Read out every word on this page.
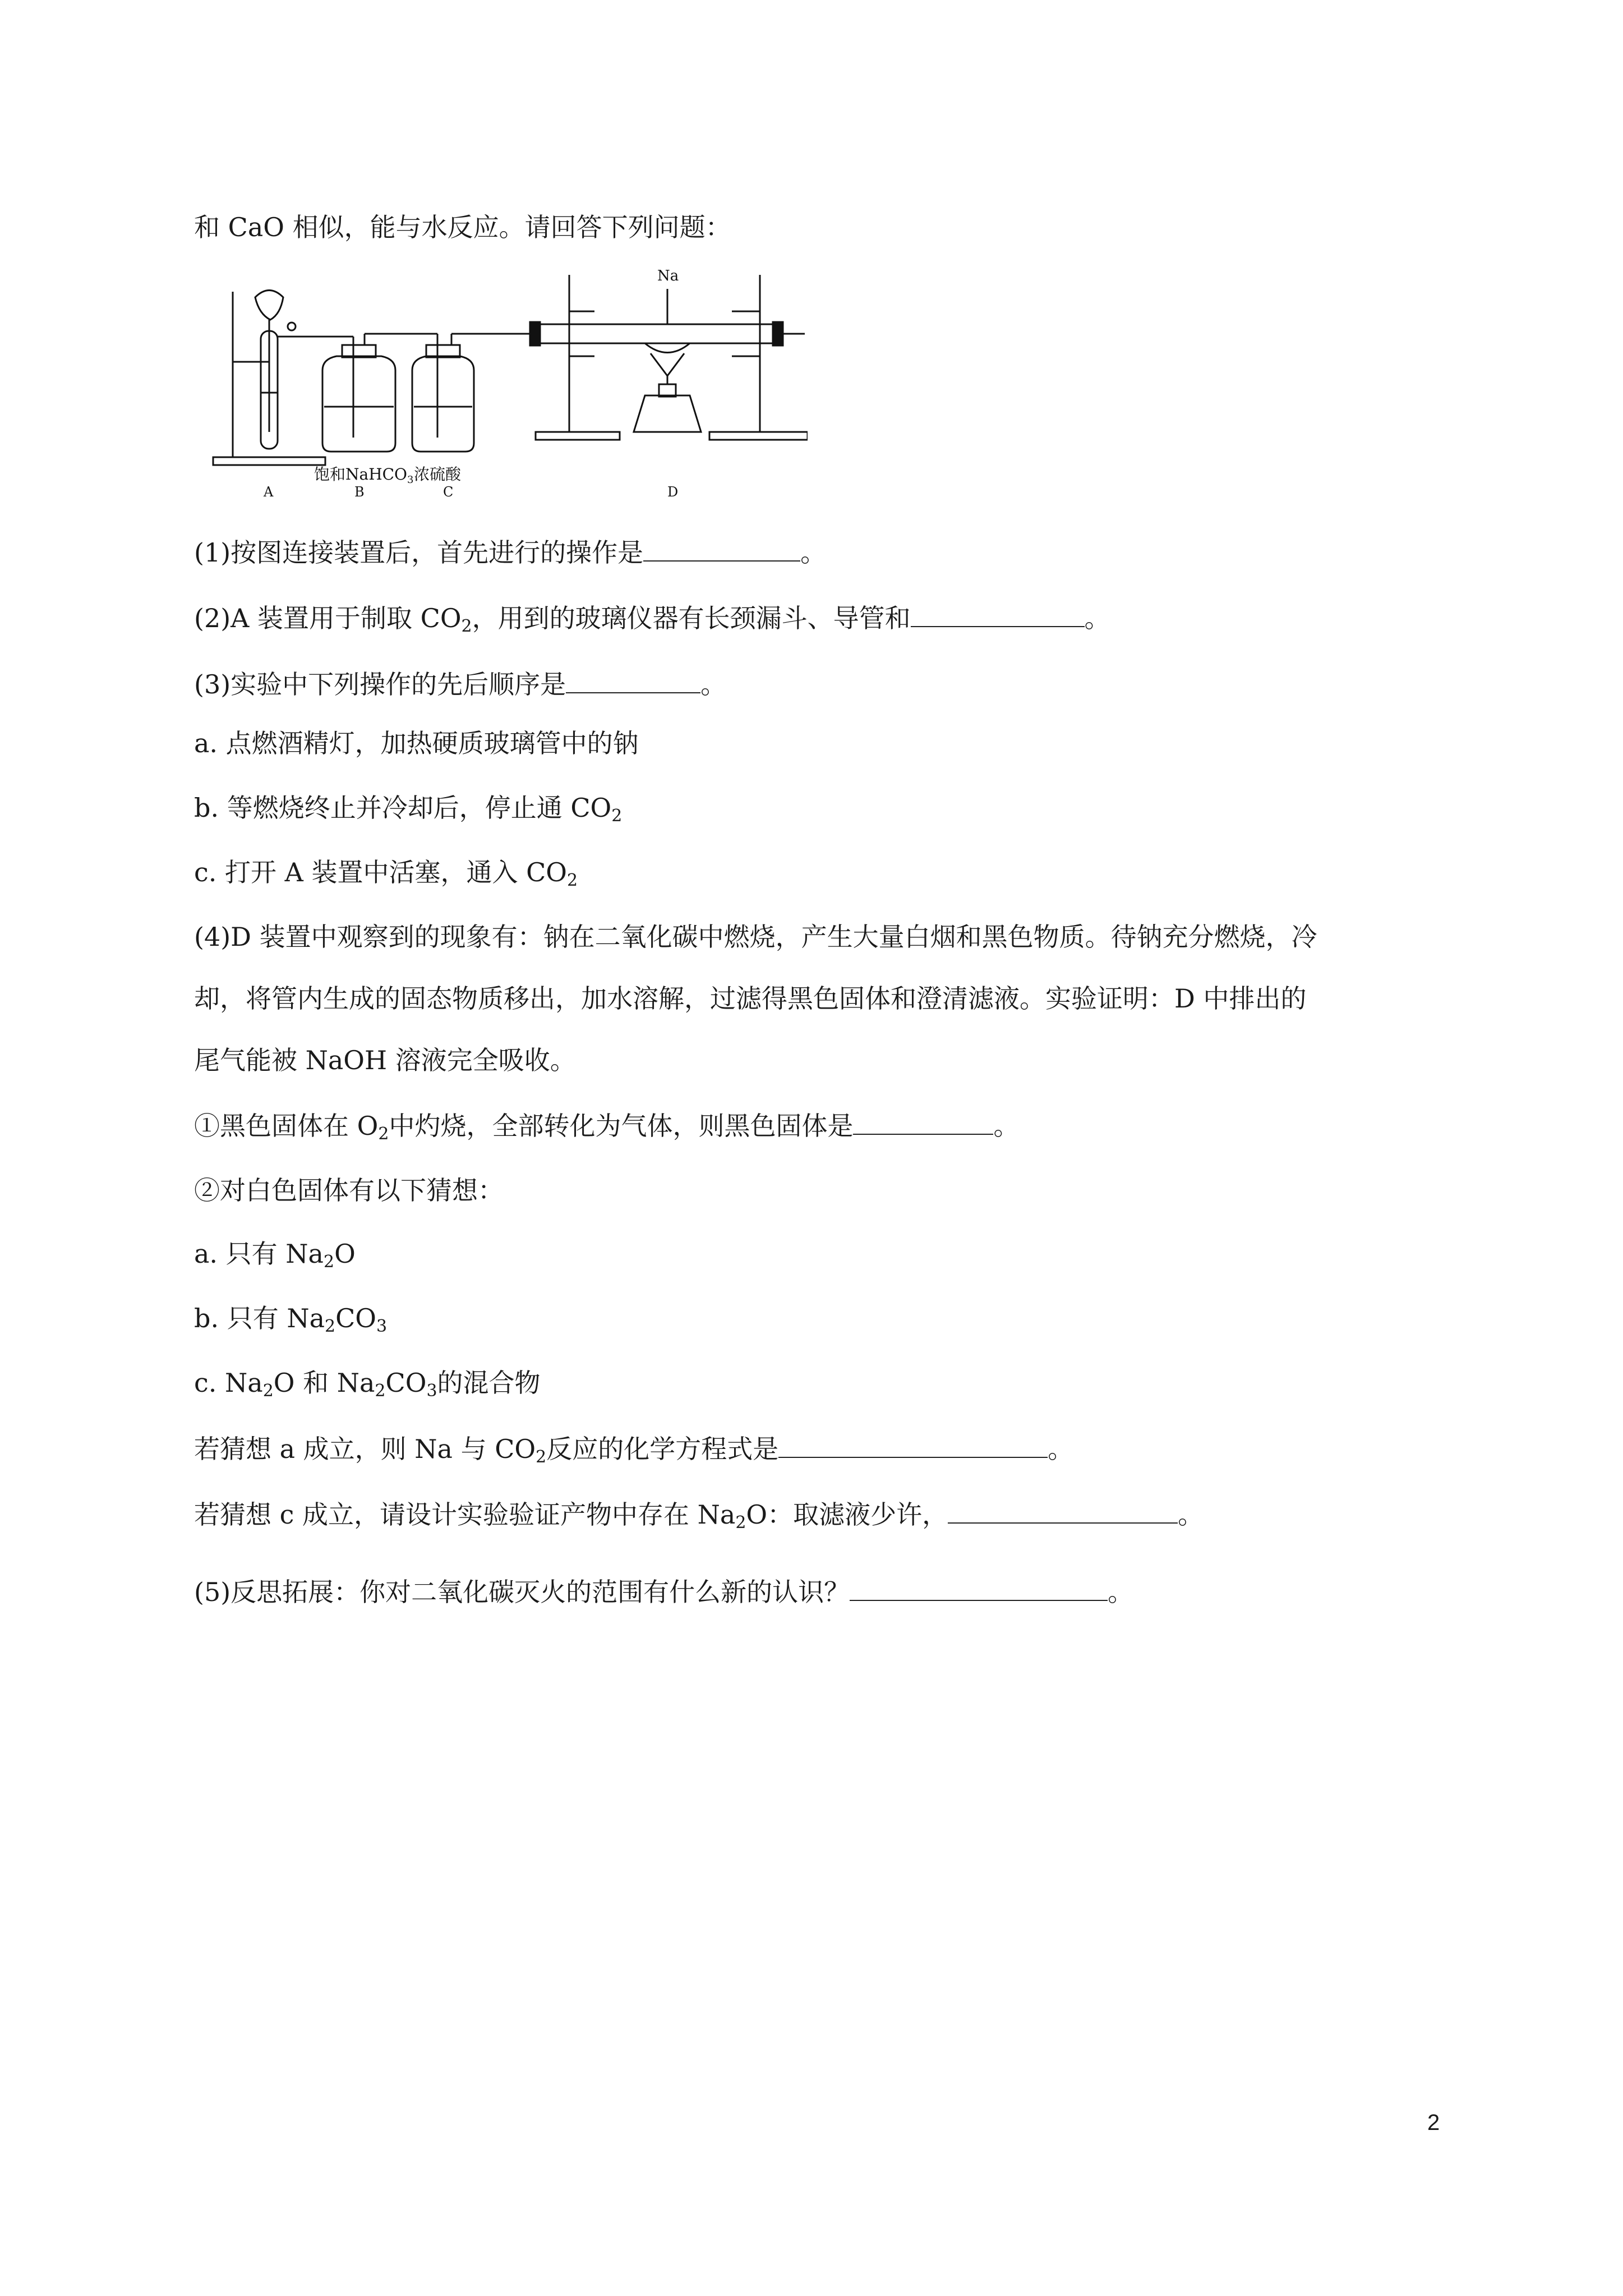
和 CaO 相似，能与水反应。请回答下列问题：
Na
饱和NaHCO$_3$ 浓硫酸
A	B	C	D
(1)按图连接装置后，首先进行的操作是	。
(2)A 装置用于制取 $CO_2$，用到的玻璃仪器有长颈漏斗、导管和	。
(3)实验中下列操作的先后顺序是	。
a. 点燃酒精灯，加热硬质玻璃管中的钠
b. 等燃烧终止并冷却后，停止通 $CO_2$
c. 打开 A 装置中活塞，通入 $CO_2$
(4)D 装置中观察到的现象有：钠在二氧化碳中燃烧，产生大量白烟和黑色物质。待钠充分燃烧，冷
却，将管内生成的固态物质移出，加水溶解，过滤得黑色固体和澄清滤液。实验证明：D 中排出的
尾气能被 NaOH 溶液完全吸收。
①黑色固体在 $O_2$中灼烧，全部转化为气体，则黑色固体是	。
②对白色固体有以下猜想：
a. 只有 $Na_2O$
b. 只有 $Na_2CO_3$
c. $Na_2O$ 和 $Na_2CO_3$的混合物
若猜想 a 成立，则 Na 与 $CO_2$反应的化学方程式是	。
若猜想 c 成立，请设计实验验证产物中存在 $Na_2O$：取滤液少许，	。
(5)反思拓展：你对二氧化碳灭火的范围有什么新的认识？	。
2
